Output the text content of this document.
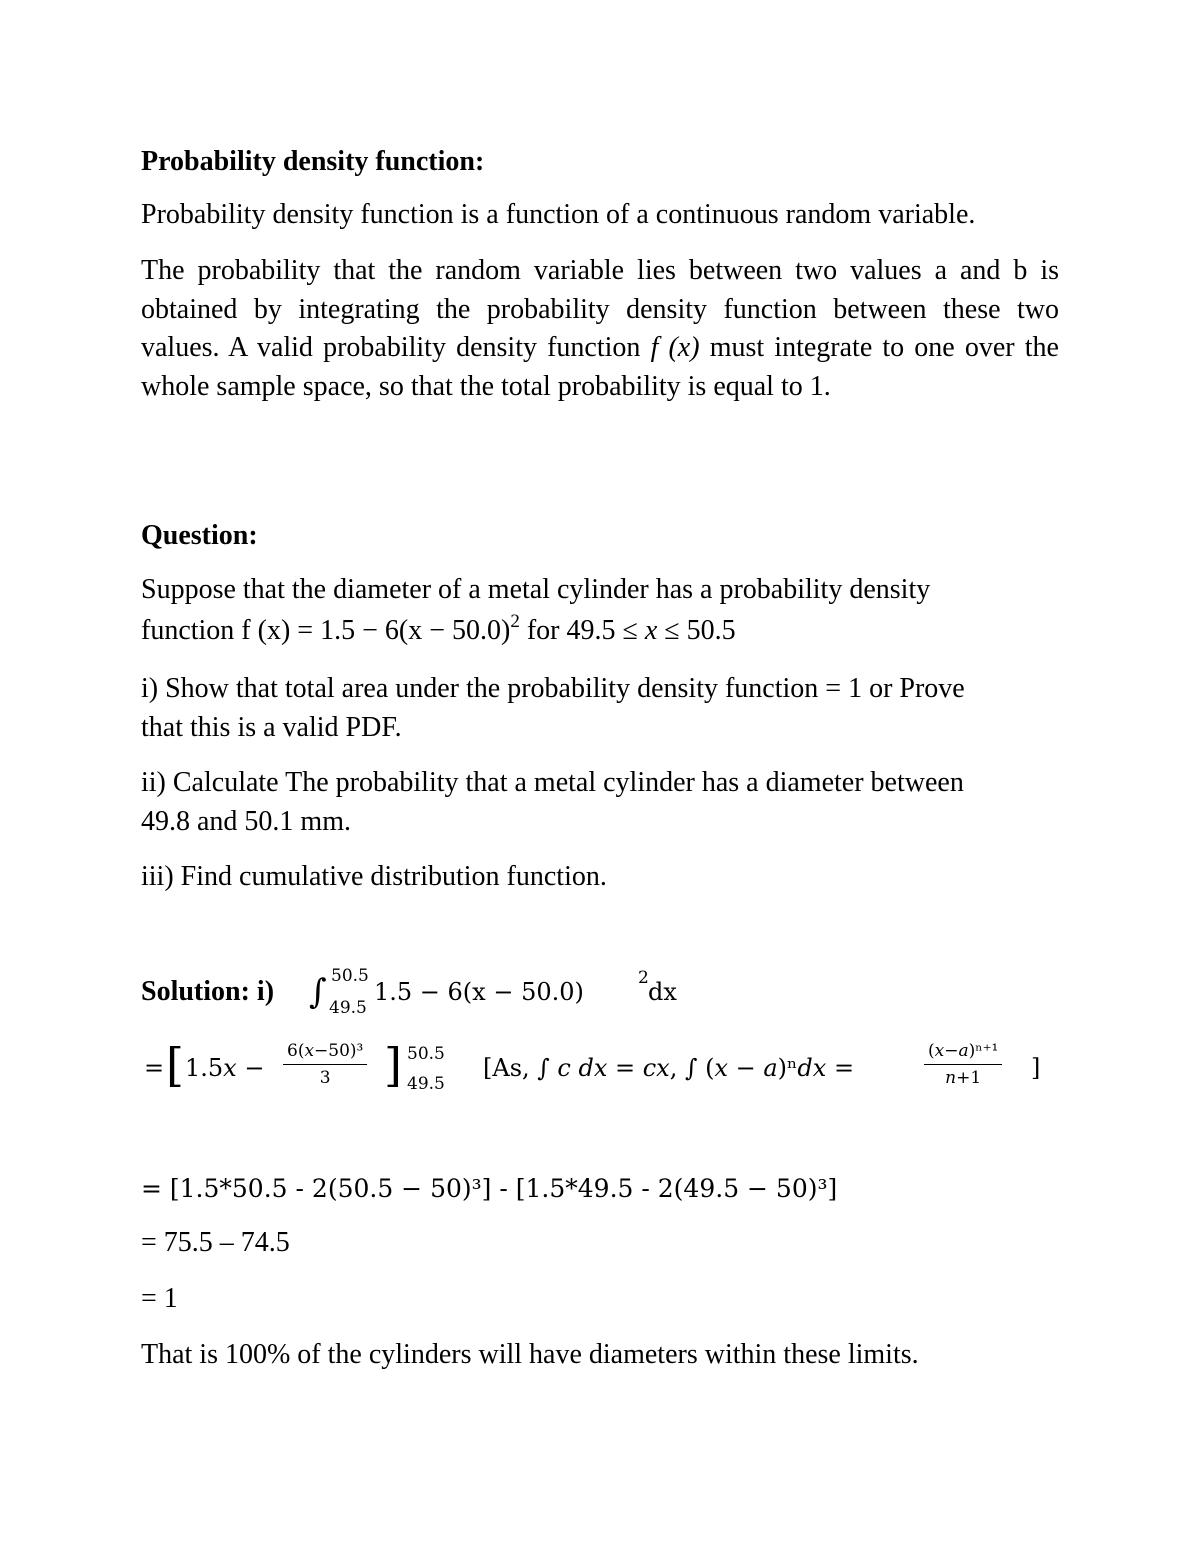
Probability density function:

Probability density function is a function of a continuous random variable.

The probability that the random variable lies between two values a and b is obtained by integrating the probability density function between these two values. A valid probability density function f (x) must integrate to one over the whole sample space, so that the total probability is equal to 1.

Question:

Suppose that the diameter of a metal cylinder has a probability density

function f $(x) = 1.5 - 6(x - 50.0)^2$ for 49.5 ≤ x ≤ 50.5

i) Show that total area under the probability density function = 1 or Prove that this is a valid PDF.

ii) Calculate The probability that a metal cylinder has a diameter between 49.8 and 50.1 mm.

iii) Find cumulative distribution function.

Solution: i) ∫ 50.5
49.5
1.5 − 6(x − 50.0)	2 dx
= [ 1.5𝑥 −
6(𝑥−50)³
3 ] 50.5
49.5
[As, ∫ 𝑐 𝑑𝑥 = 𝑐𝑥, ∫ (𝑥 − 𝑎)ⁿ𝑑𝑥 =
(𝑥−𝑎)ⁿ⁺¹
𝑛+1 ]

= [1.5*50.5 - 2(50.5 − 50)³] - [1.5*49.5 - 2(49.5 − 50)³]

= 75.5 – 74.5

= 1

That is 100% of the cylinders will have diameters within these limits.
